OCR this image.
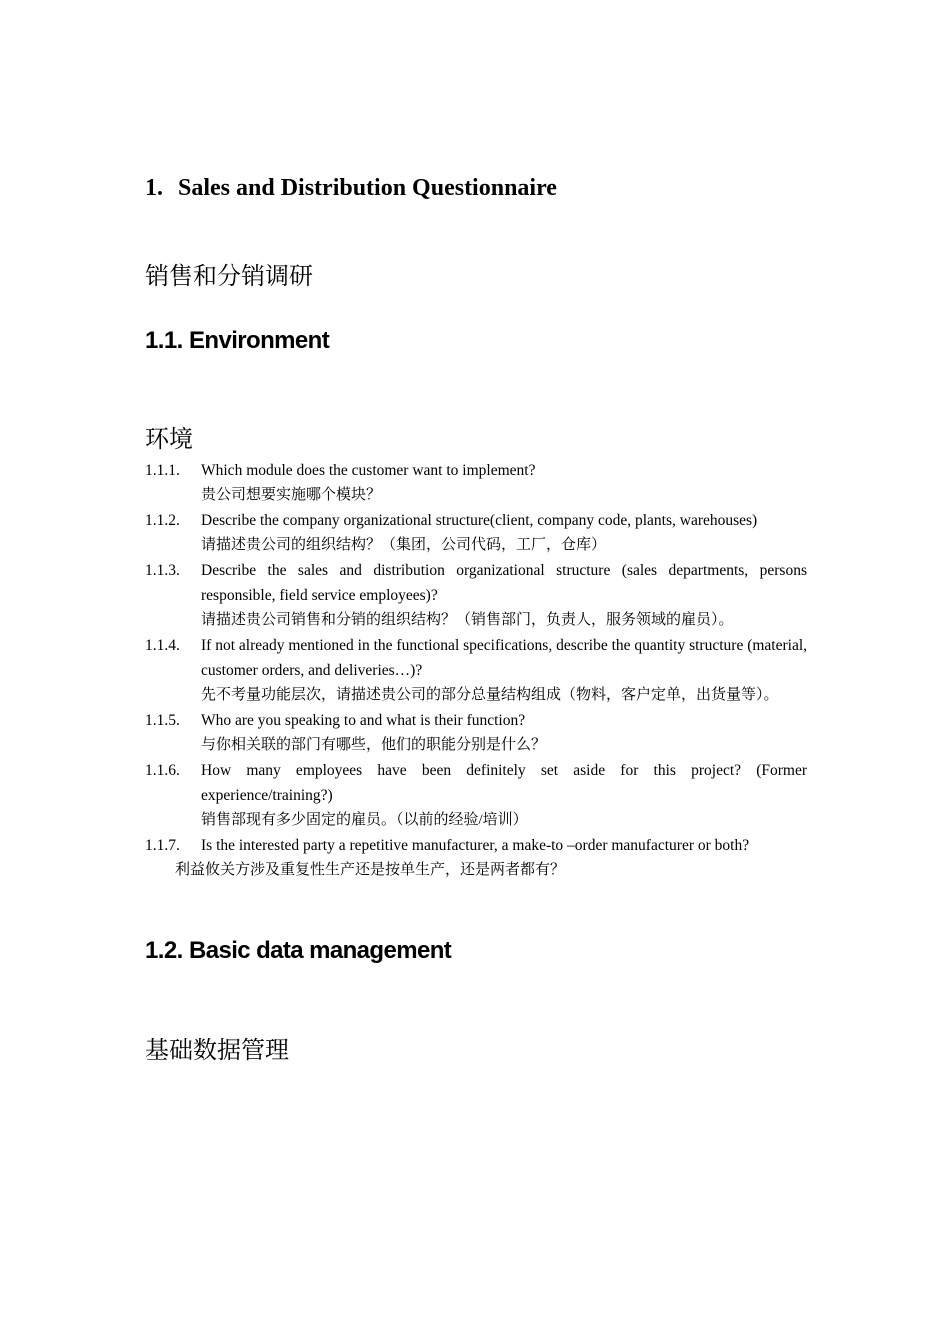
1. Sales and Distribution Questionnaire
销售和分销调研
1.1. Environment
环境
1.1.1. Which module does the customer want to implement?
贵公司想要实施哪个模块？
1.1.2. Describe the company organizational structure(client, company code, plants, warehouses)
请描述贵公司的组织结构？（集团，公司代码，工厂，仓库）
1.1.3. Describe the sales and distribution organizational structure (sales departments, persons responsible, field service employees)?
请描述贵公司销售和分销的组织结构？（销售部门，负责人，服务领域的雇员）。
1.1.4. If not already mentioned in the functional specifications, describe the quantity structure (material, customer orders, and deliveries…)?
先不考量功能层次，请描述贵公司的部分总量结构组成（物料，客户定单，出货量等）。
1.1.5. Who are you speaking to and what is their function?
与你相关联的部门有哪些，他们的职能分别是什么？
1.1.6. How many employees have been definitely set aside for this project? (Former experience/training?)
销售部现有多少固定的雇员。（以前的经验/培训）
1.1.7. Is the interested party a repetitive manufacturer, a make-to –order manufacturer or both?
利益攸关方涉及重复性生产还是按单生产，还是两者都有？
1.2. Basic data management
基础数据管理
